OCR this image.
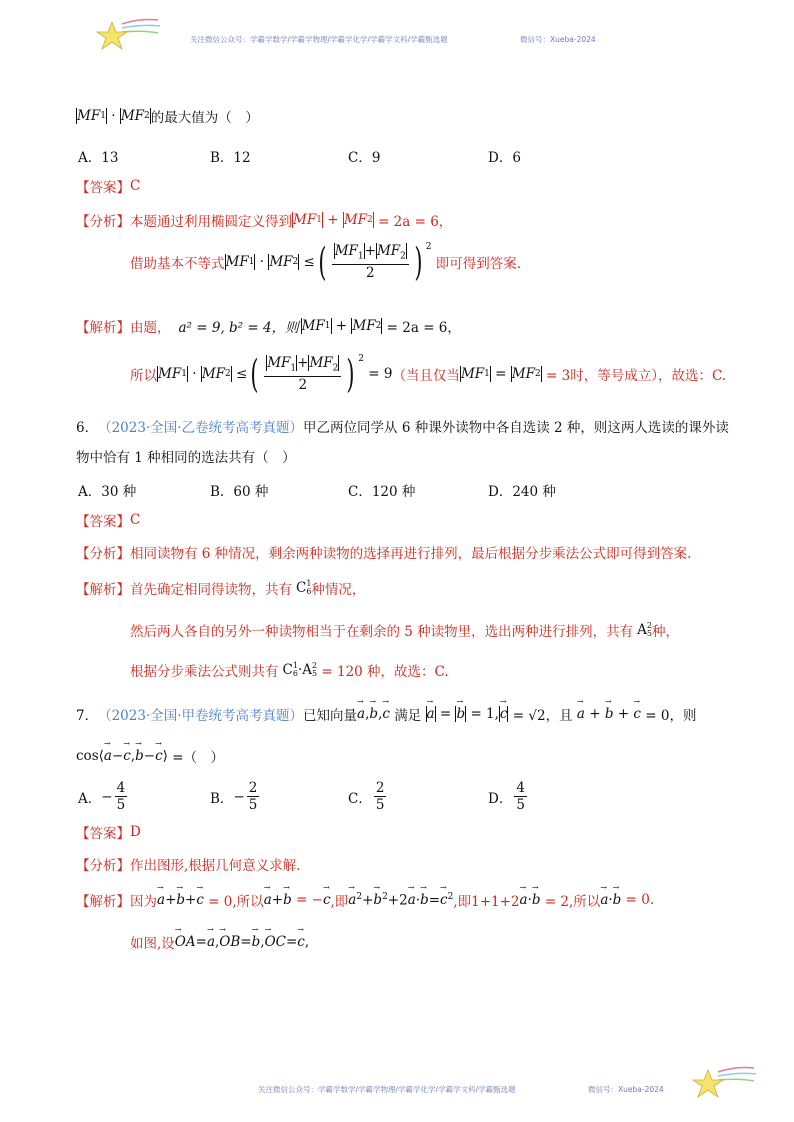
关注微信公众号：学霸学数学/学霸学物理/学霸学化学/学霸学文科/学霸甄选题	微信号：Xueba-2024
MF 1 · MF 2 的最大值为（　）
A．13	B．12	C．9	D．6
【答案】 C
【分析】 本题通过利用椭圆定义得到 MF 1 + MF 2
= 2a = 6，
借助基本不等式 MF 1 · MF 2 ≤ ( $\frac{MF_1+MF_2}{2}$ ) $^2$

即可得到答案.
【解析】 由题， a² = 9, b² = 4，则 MF 1 + MF 2
= 2a = 6，
所以 MF 1 · MF 2 ≤ ( $\frac{MF_1+MF_2}{2}$ ) $^2$

= 9 （当且仅当 MF 1 = MF 2
= 3时，等号成立），故选：C.
6． （2023·全国·乙卷统考高考真题） 甲乙两位同学从 6 种课外读物中各自选读 2 种，则这两人选读的课外读
物中恰有 1 种相同的选法共有（　）
A．30 种	B．60 种	C．120 种	D．240 种
【答案】 C
【分析】 相同读物有 6 种情况，剩余两种读物的选择再进行排列，最后根据分步乘法公式即可得到答案.
【解析】 首先确定相同得读物，共有 C 1
6 种情况，
然后两人各自的另外一种读物相当于在剩余的 5 种读物里，选出两种进行排列，共有 A 2
5 种，
根据分步乘法公式则共有 C 1
6 ·A 2
5
= 120 种，故选：C.
7． （2023·全国·甲卷统考高考真题） 已知向量 → a , → b , → c
满足
→ a = → b
= 1, → c
= √2，且
→ a + → b + → c
= 0，则
cos ⟨ → a − → c , → b − → c ⟩ =（　）
A． − $\frac{4}{5}$	B． − $\frac{2}{5}$	C． $\frac{2}{5}$	D． $\frac{4}{5}$
【答案】 D
【分析】 作出图形,根据几何意义求解.
【解析】 因为 → a+→ b+→ c = 0,所以 → a+→ b = − → c ,即 → $a^2+\to b^2+2\to a\cdot\to b=\to c^2$ ,即1+1+2 → a·→ b = 2,所以 → a·→ b = 0.
如图,设 → OA=→ a,→ OB=→ b,→ OC=→ c,
关注微信公众号：学霸学数学/学霸学物理/学霸学化学/学霸学文科/学霸甄选题	微信号：Xueba-2024
